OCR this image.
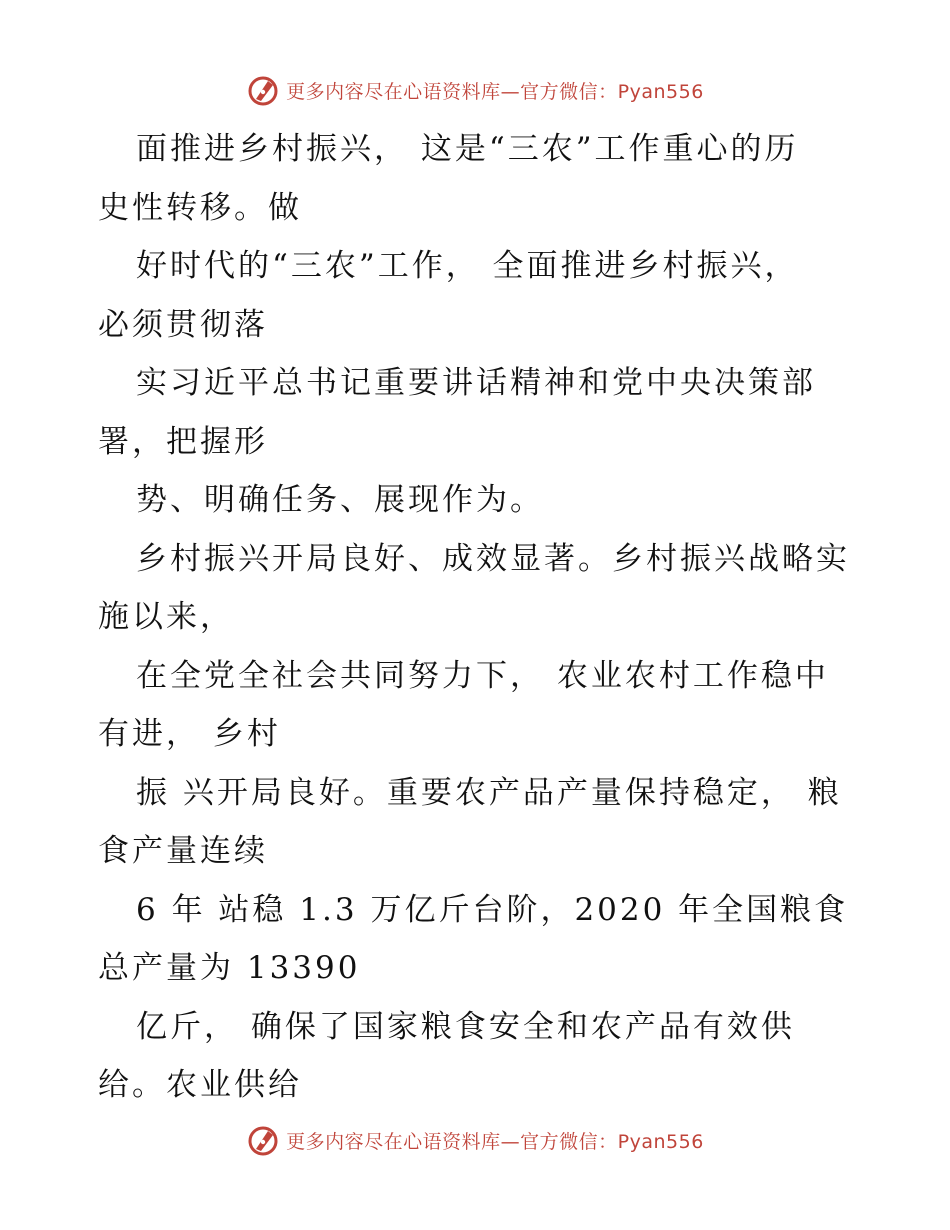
更多内容尽在心语资料库—官方微信：Pyan556
面推进乡村振兴， 这是“三农”工作重心的历
史性转移。做
好时代的“三农”工作， 全面推进乡村振兴，
必须贯彻落
实习近平总书记重要讲话精神和党中央决策部
署，把握形
势、明确任务、展现作为。
乡村振兴开局良好、成效显著。乡村振兴战略实
施以来，
在全党全社会共同努力下， 农业农村工作稳中
有进， 乡村
振 兴开局良好。重要农产品产量保持稳定， 粮
食产量连续
6 年 站稳 1.3 万亿斤台阶，2020 年全国粮食
总产量为 13390
亿斤， 确保了国家粮食安全和农产品有效供
给。农业供给
更多内容尽在心语资料库—官方微信：Pyan556
